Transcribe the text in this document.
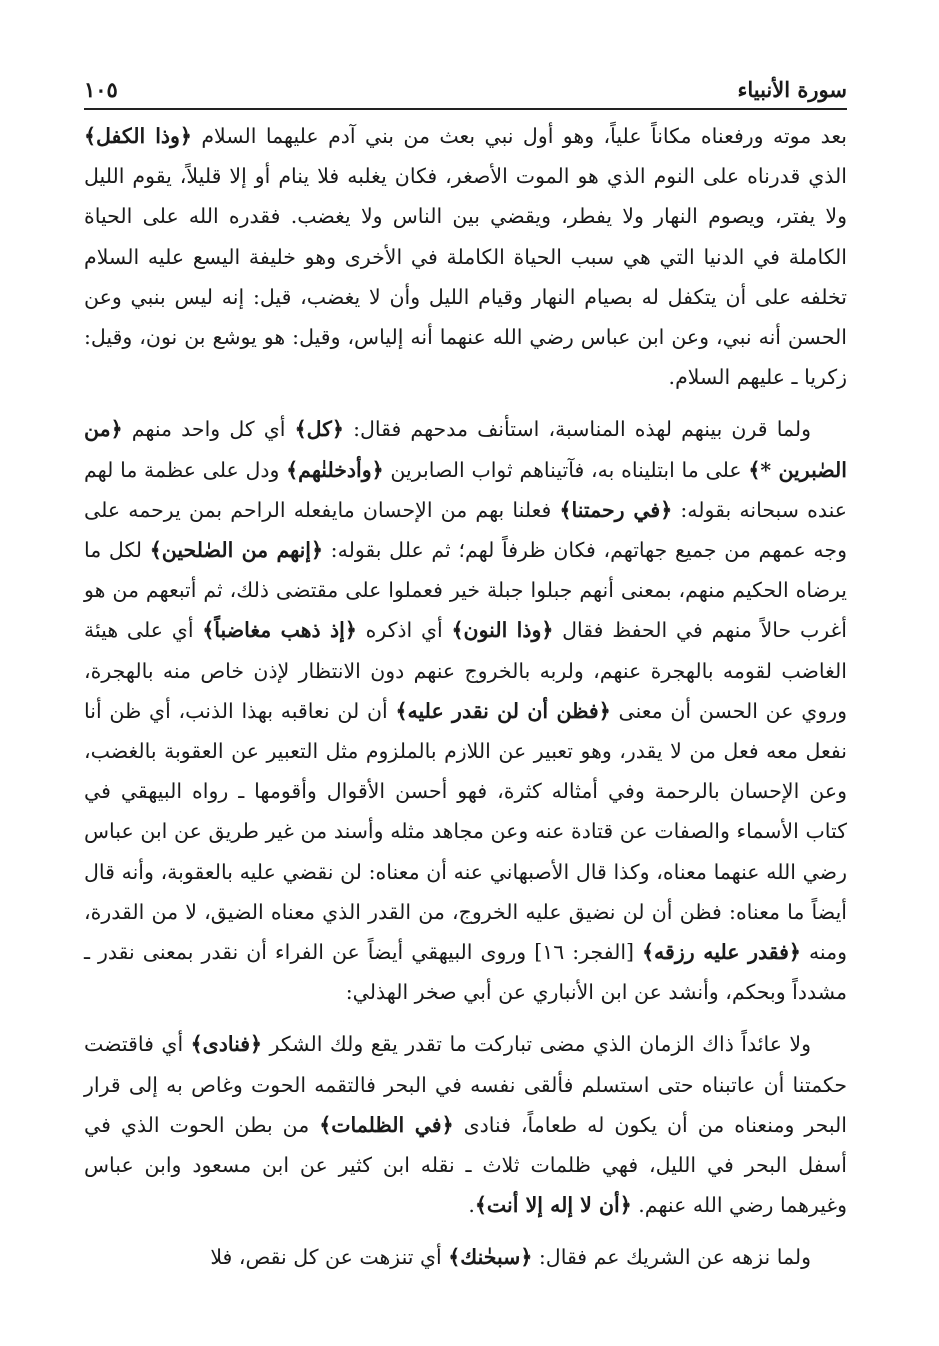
١٠٥	سورة الأنبياء

بعد موته ورفعناه مكاناً علياً، وهو أول نبي بعث من بني آدم عليهما السلام ﴿وذا الكفل﴾ الذي قدرناه على النوم الذي هو الموت الأصغر، فكان يغلبه فلا ينام أو إلا قليلاً، يقوم الليل ولا يفتر، ويصوم النهار ولا يفطر، ويقضي بين الناس ولا يغضب. فقدره الله على الحياة الكاملة في الدنيا التي هي سبب الحياة الكاملة في الأخرى وهو خليفة اليسع عليه السلام تخلفه على أن يتكفل له بصيام النهار وقيام الليل وأن لا يغضب، قيل: إنه ليس بنبي وعن الحسن أنه نبي، وعن ابن عباس رضي الله عنهما أنه إلياس، وقيل: هو يوشع بن نون، وقيل: زكريا ـ عليهم السلام.

ولما قرن بينهم لهذه المناسبة، استأنف مدحهم فقال: ﴿كل﴾ أي كل واحد منهم ﴿من الصٰبرين *﴾ على ما ابتليناه به، فآتيناهم ثواب الصابرين ﴿وأدخلنٰهم﴾ ودل على عظمة ما لهم عنده سبحانه بقوله: ﴿في رحمتنا﴾ فعلنا بهم من الإحسان مايفعله الراحم بمن يرحمه على وجه عمهم من جميع جهاتهم، فكان ظرفاً لهم؛ ثم علل بقوله: ﴿إنهم من الصٰلحين﴾ لكل ما يرضاه الحكيم منهم، بمعنى أنهم جبلوا جبلة خير فعملوا على مقتضى ذلك، ثم أتبعهم من هو أغرب حالاً منهم في الحفظ فقال ﴿وذا النون﴾ أي اذكره ﴿إذ ذهب مغاضباً﴾ أي على هيئة الغاضب لقومه بالهجرة عنهم، ولربه بالخروج عنهم دون الانتظار لإذن خاص منه بالهجرة، وروي عن الحسن أن معنى ﴿فظن أن لن نقدر عليه﴾ أن لن نعاقبه بهذا الذنب، أي ظن أنا نفعل معه فعل من لا يقدر، وهو تعبير عن اللازم بالملزوم مثل التعبير عن العقوبة بالغضب، وعن الإحسان بالرحمة وفي أمثاله كثرة، فهو أحسن الأقوال وأقومها ـ رواه البيهقي في كتاب الأسماء والصفات عن قتادة عنه وعن مجاهد مثله وأسند من غير طريق عن ابن عباس رضي الله عنهما معناه، وكذا قال الأصبهاني عنه أن معناه: لن نقضي عليه بالعقوبة، وأنه قال أيضاً ما معناه: فظن أن لن نضيق عليه الخروج، من القدر الذي معناه الضيق، لا من القدرة، ومنه ﴿فقدر عليه رزقه﴾ [الفجر: ١٦] وروى البيهقي أيضاً عن الفراء أن نقدر بمعنى نقدر ـ مشدداً وبحكم، وأنشد عن ابن الأنباري عن أبي صخر الهذلي:

ولا عائداً ذاك الزمان الذي مضى تباركت ما تقدر يقع ولك الشكر ﴿فنادى﴾ أي فاقتضت حكمتنا أن عاتبناه حتى استسلم فألقى نفسه في البحر فالتقمه الحوت وغاص به إلى قرار البحر ومنعناه من أن يكون له طعاماً، فنادى ﴿في الظلمات﴾ من بطن الحوت الذي في أسفل البحر في الليل، فهي ظلمات ثلاث ـ نقله ابن كثير عن ابن مسعود وابن عباس وغيرهما رضي الله عنهم. ﴿أن لا إله إلا أنت﴾.

ولما نزهه عن الشريك عم فقال: ﴿سبحٰنك﴾ أي تنزهت عن كل نقص، فلا
